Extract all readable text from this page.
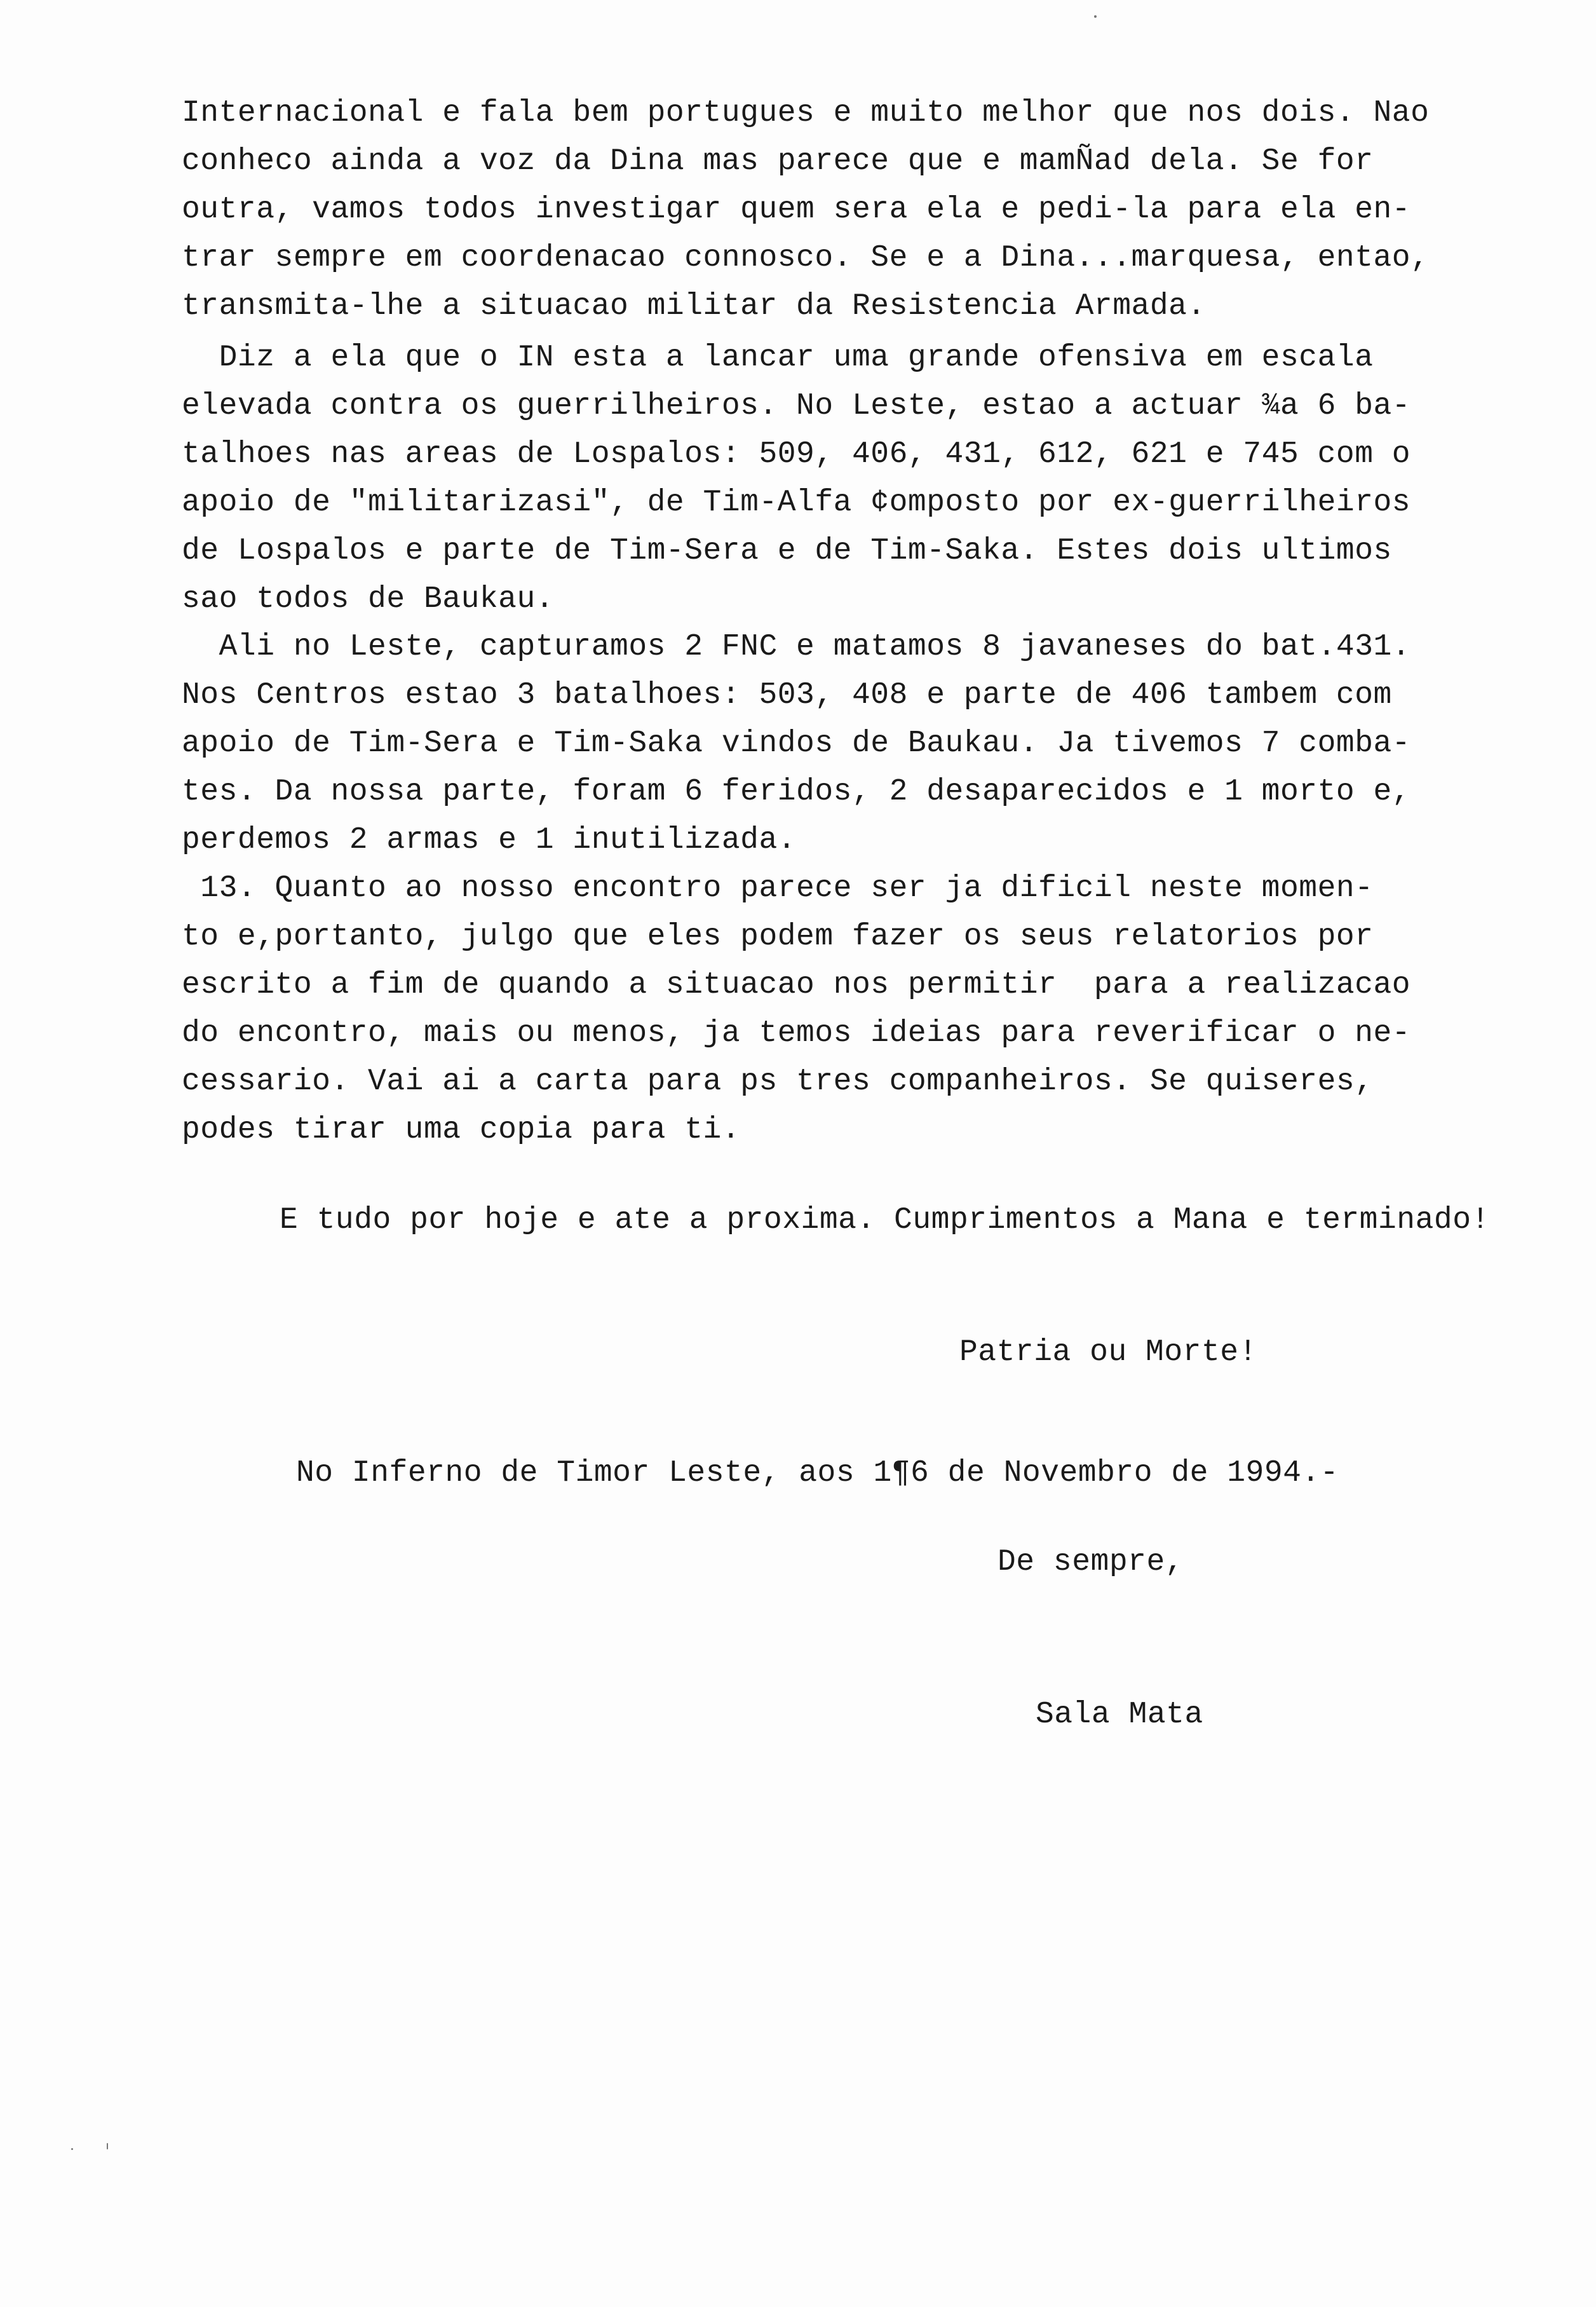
Internacional e fala bem portugues e muito melhor que nos dois. Nao
conheco ainda a voz da Dina mas parece que e mamÑad dela. Se for
outra, vamos todos investigar quem sera ela e pedi-la para ela en-
trar sempre em coordenacao connosco. Se e a Dina...marquesa, entao,
transmita-lhe a situacao militar da Resistencia Armada.
Diz a ela que o IN esta a lancar uma grande ofensiva em escala
elevada contra os guerrilheiros. No Leste, estao a actuar ¾a 6 ba-
talhoes nas areas de Lospalos: 509, 406, 431, 612, 621 e 745 com o
apoio de "militarizasi", de Tim-Alfa ¢omposto por ex-guerrilheiros
de Lospalos e parte de Tim-Sera e de Tim-Saka. Estes dois ultimos
sao todos de Baukau.
Ali no Leste, capturamos 2 FNC e matamos 8 javaneses do bat.431.
Nos Centros estao 3 batalhoes: 503, 408 e parte de 406 tambem com
apoio de Tim-Sera e Tim-Saka vindos de Baukau. Ja tivemos 7 comba-
tes. Da nossa parte, foram 6 feridos, 2 desaparecidos e 1 morto e,
perdemos 2 armas e 1 inutilizada.
13. Quanto ao nosso encontro parece ser ja dificil neste momen-
to e,portanto, julgo que eles podem fazer os seus relatorios por
escrito a fim de quando a situacao nos permitir  para a realizacao
do encontro, mais ou menos, ja temos ideias para reverificar o ne-
cessario. Vai ai a carta para ps tres companheiros. Se quiseres,
podes tirar uma copia para ti.

E tudo por hoje e ate a proxima. Cumprimentos a Mana e terminado!

Patria ou Morte!

No Inferno de Timor Leste, aos 1¶6 de Novembro de 1994.-

De sempre,

Sala Mata
